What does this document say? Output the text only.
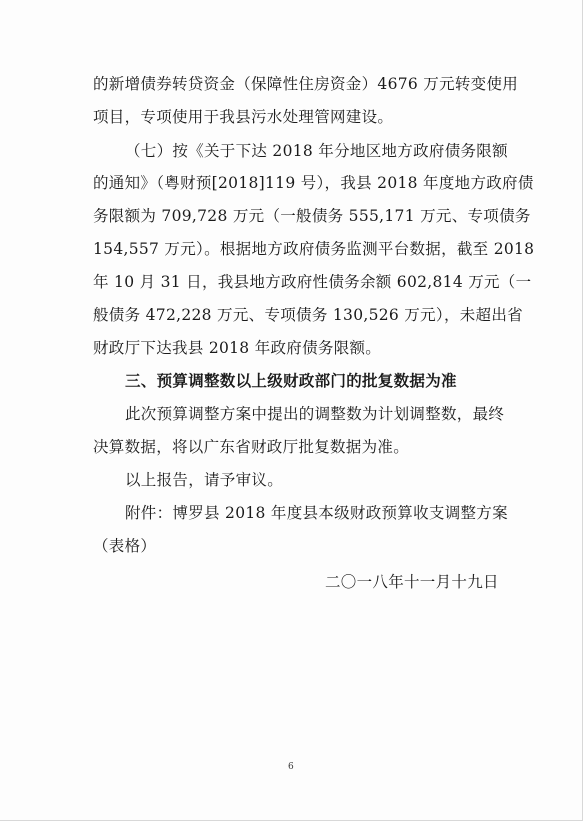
的新增债券转贷资金（保障性住房资金）4676 万元转变使用
项目，专项使用于我县污水处理管网建设。
（七）按《关于下达 2018 年分地区地方政府债务限额
的通知》（粤财预[2018]119 号），我县 2018 年度地方政府债
务限额为 709,728 万元（一般债务 555,171 万元、专项债务
154,557 万元）。根据地方政府债务监测平台数据，截至 2018
年 10 月 31 日，我县地方政府性债务余额 602,814 万元（一
般债务 472,228 万元、专项债务 130,526 万元），未超出省
财政厅下达我县 2018 年政府债务限额。
三、预算调整数以上级财政部门的批复数据为准
此次预算调整方案中提出的调整数为计划调整数，最终
决算数据，将以广东省财政厅批复数据为准。
以上报告，请予审议。
附件：博罗县 2018 年度县本级财政预算收支调整方案
（表格）
二〇一八年十一月十九日
6
